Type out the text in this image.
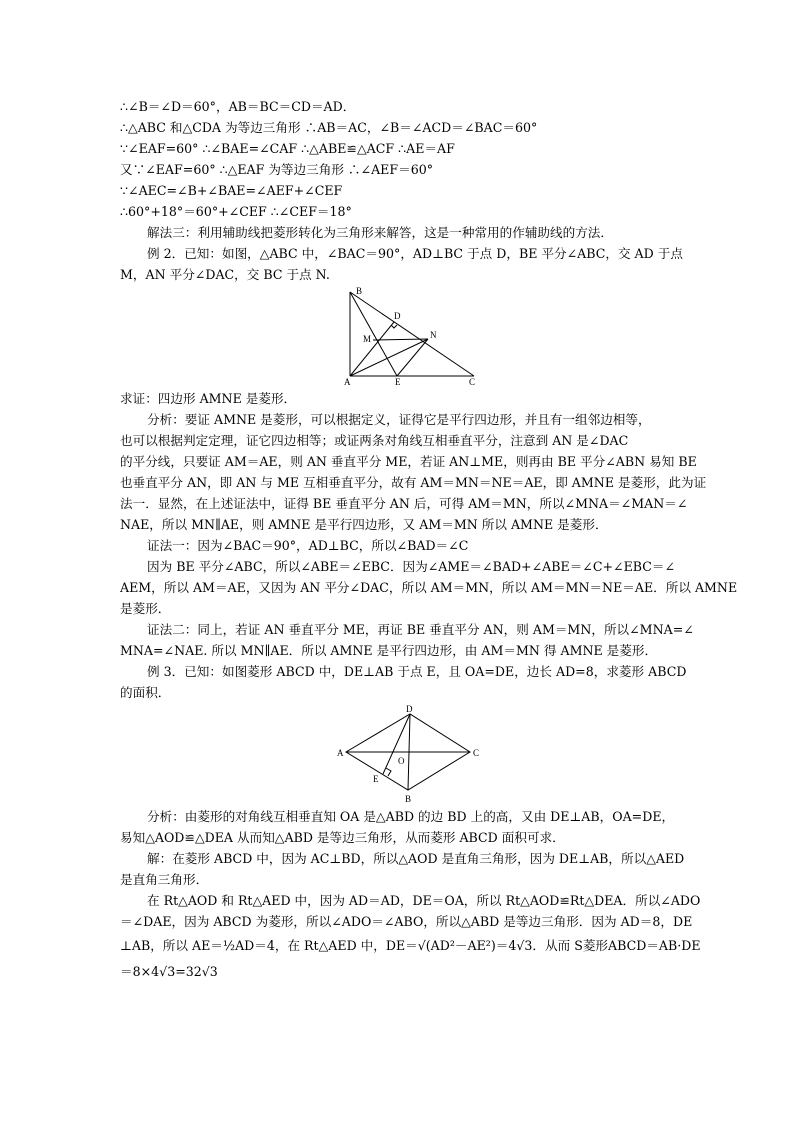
∴∠B＝∠D＝60°，AB＝BC＝CD＝AD．
∴△ABC 和△CDA 为等边三角形 ∴AB＝AC，∠B＝∠ACD＝∠BAC＝60°
∵∠EAF=60° ∴∠BAE=∠CAF ∴△ABE≌△ACF ∴AE＝AF
又∵∠EAF=60° ∴△EAF 为等边三角形 ∴∠AEF＝60°
∵∠AEC=∠B+∠BAE=∠AEF+∠CEF
∴60°+18°＝60°+∠CEF ∴∠CEF＝18°
解法三：利用辅助线把菱形转化为三角形来解答，这是一种常用的作辅助线的方法．
例 2．已知：如图，△ABC 中，∠BAC＝90°，AD⊥BC 于点 D，BE 平分∠ABC，交 AD 于点
M，AN 平分∠DAC，交 BC 于点 N.
B
D
N
M
A	E	C
求证：四边形 AMNE 是菱形．
分析：要证 AMNE 是菱形，可以根据定义，证得它是平行四边形，并且有一组邻边相等，
也可以根据判定定理，证它四边相等；或证两条对角线互相垂直平分，注意到 AN 是∠DAC
的平分线，只要证 AM＝AE，则 AN 垂直平分 ME，若证 AN⊥ME，则再由 BE 平分∠ABN 易知 BE
也垂直平分 AN，即 AN 与 ME 互相垂直平分，故有 AM＝MN＝NE＝AE，即 AMNE 是菱形，此为证
法一．显然，在上述证法中，证得 BE 垂直平分 AN 后，可得 AM＝MN，所以∠MNA＝∠MAN＝∠
NAE，所以 MN∥AE，则 AMNE 是平行四边形，又 AM＝MN 所以 AMNE 是菱形．
证法一：因为∠BAC＝90°，AD⊥BC，所以∠BAD＝∠C
因为 BE 平分∠ABC，所以∠ABE＝∠EBC．因为∠AME＝∠BAD+∠ABE＝∠C+∠EBC＝∠
AEM，所以 AM＝AE，又因为 AN 平分∠DAC，所以 AM＝MN，所以 AM＝MN＝NE＝AE．所以 AMNE
是菱形．
证法二：同上，若证 AN 垂直平分 ME，再证 BE 垂直平分 AN，则 AM＝MN，所以∠MNA=∠
MNA=∠NAE. 所以 MN∥AE．所以 AMNE 是平行四边形，由 AM＝MN 得 AMNE 是菱形．
例 3．已知：如图菱形 ABCD 中，DE⊥AB 于点 E，且 OA=DE，边长 AD=8，求菱形 ABCD
的面积．
D
A	C
O
E
B
分析：由菱形的对角线互相垂直知 OA 是△ABD 的边 BD 上的高，又由 DE⊥AB，OA=DE，
易知△AOD≌△DEA 从而知△ABD 是等边三角形，从而菱形 ABCD 面积可求．
解：在菱形 ABCD 中，因为 AC⊥BD，所以△AOD 是直角三角形，因为 DE⊥AB，所以△AED
是直角三角形．
在 Rt△AOD 和 Rt△AED 中，因为 AD＝AD，DE＝OA，所以 Rt△AOD≌Rt△DEA．所以∠ADO
＝∠DAE，因为 ABCD 为菱形，所以∠ADO＝∠ABO，所以△ABD 是等边三角形．因为 AD＝8，DE
⊥AB，所以 AE＝½AD＝4，在 Rt△AED 中，DE＝√(AD²－AE²)＝4√3．从而 S菱形ABCD＝AB·DE
＝8×4√3=32√3
